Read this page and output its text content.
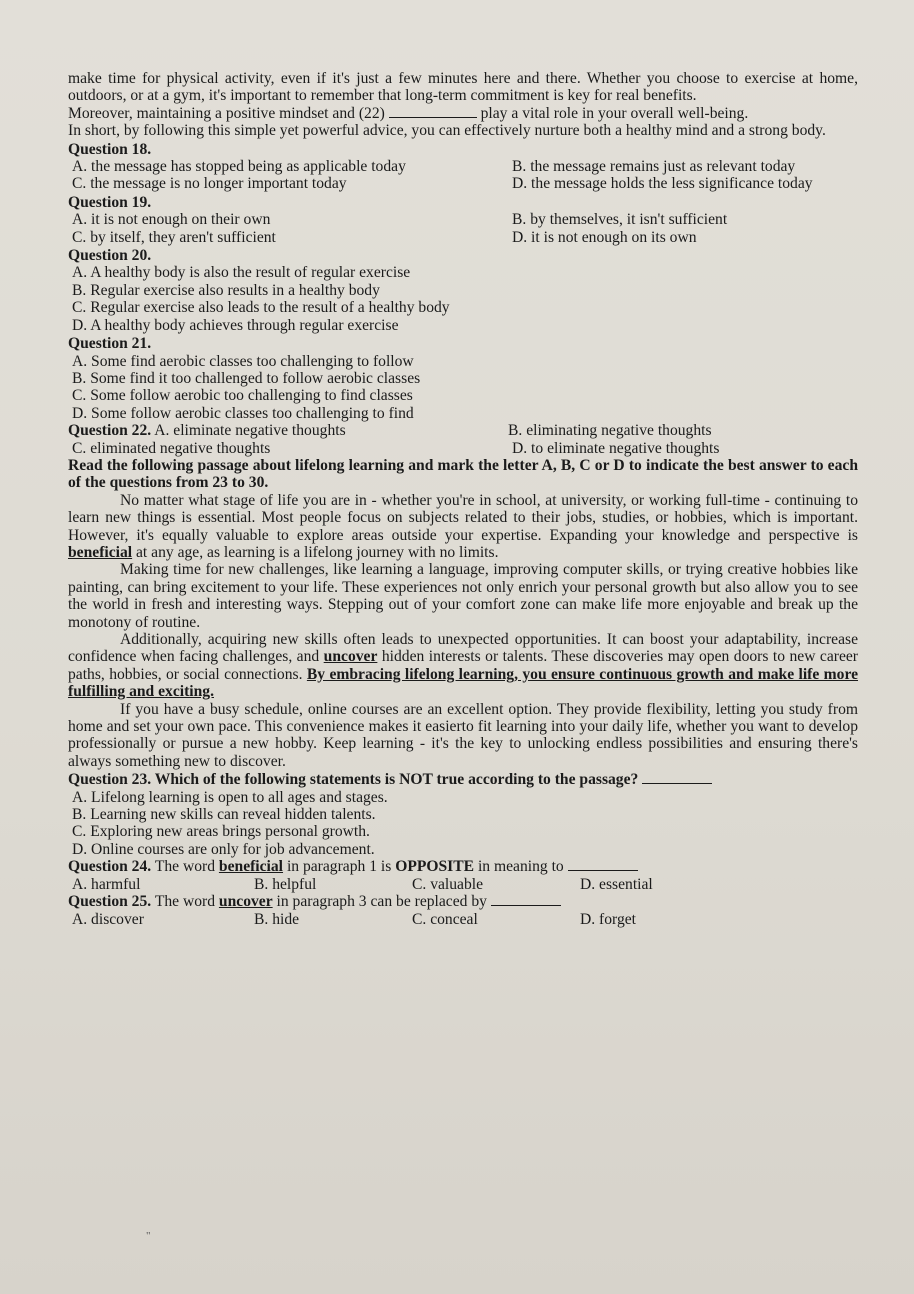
make time for physical activity, even if it's just a few minutes here and there. Whether you choose to exercise at home, outdoors, or at a gym, it's important to remember that long-term commitment is key for real benefits.

Moreover, maintaining a positive mindset and (22)	play a vital role in your overall well-being.

In short, by following this simple yet powerful advice, you can effectively nurture both a healthy mind and a strong body.

Question 18.

A. the message has stopped being as applicable today	B. the message remains just as relevant today
C. the message is no longer important today	D. the message holds the less significance today

Question 19.

A. it is not enough on their own	B. by themselves, it isn't sufficient
C. by itself, they aren't sufficient	D. it is not enough on its own

Question 20.

A. A healthy body is also the result of regular exercise

B. Regular exercise also results in a healthy body

C. Regular exercise also leads to the result of a healthy body

D. A healthy body achieves through regular exercise

Question 21.

A. Some find aerobic classes too challenging to follow

B. Some find it too challenged to follow aerobic classes

C. Some follow aerobic too challenging to find classes

D. Some follow aerobic classes too challenging to find

Question 22. A. eliminate negative thoughts	B. eliminating negative thoughts
C. eliminated negative thoughts	D. to eliminate negative thoughts

Read the following passage about lifelong learning and mark the letter A, B, C or D to indicate the best answer to each of the questions from 23 to 30.

No matter what stage of life you are in - whether you're in school, at university, or working full-time - continuing to learn new things is essential. Most people focus on subjects related to their jobs, studies, or hobbies, which is important. However, it's equally valuable to explore areas outside your expertise. Expanding your knowledge and perspective is beneficial at any age, as learning is a lifelong journey with no limits.

Making time for new challenges, like learning a language, improving computer skills, or trying creative hobbies like painting, can bring excitement to your life. These experiences not only enrich your personal growth but also allow you to see the world in fresh and interesting ways. Stepping out of your comfort zone can make life more enjoyable and break up the monotony of routine.

Additionally, acquiring new skills often leads to unexpected opportunities. It can boost your adaptability, increase confidence when facing challenges, and uncover hidden interests or talents. These discoveries may open doors to new career paths, hobbies, or social connections. By embracing lifelong learning, you ensure continuous growth and make life more fulfilling and exciting.

If you have a busy schedule, online courses are an excellent option. They provide flexibility, letting you study from home and set your own pace. This convenience makes it easierto fit learning into your daily life, whether you want to develop professionally or pursue a new hobby. Keep learning - it's the key to unlocking endless possibilities and ensuring there's always something new to discover.

Question 23. Which of the following statements is NOT true according to the passage?

A. Lifelong learning is open to all ages and stages.

B. Learning new skills can reveal hidden talents.

C. Exploring new areas brings personal growth.

D. Online courses are only for job advancement.

Question 24. The word beneficial in paragraph 1 is OPPOSITE in meaning to

A. harmful	B. helpful	C. valuable	D. essential

Question 25. The word uncover in paragraph 3 can be replaced by

A. discover	B. hide	C. conceal	D. forget
"
